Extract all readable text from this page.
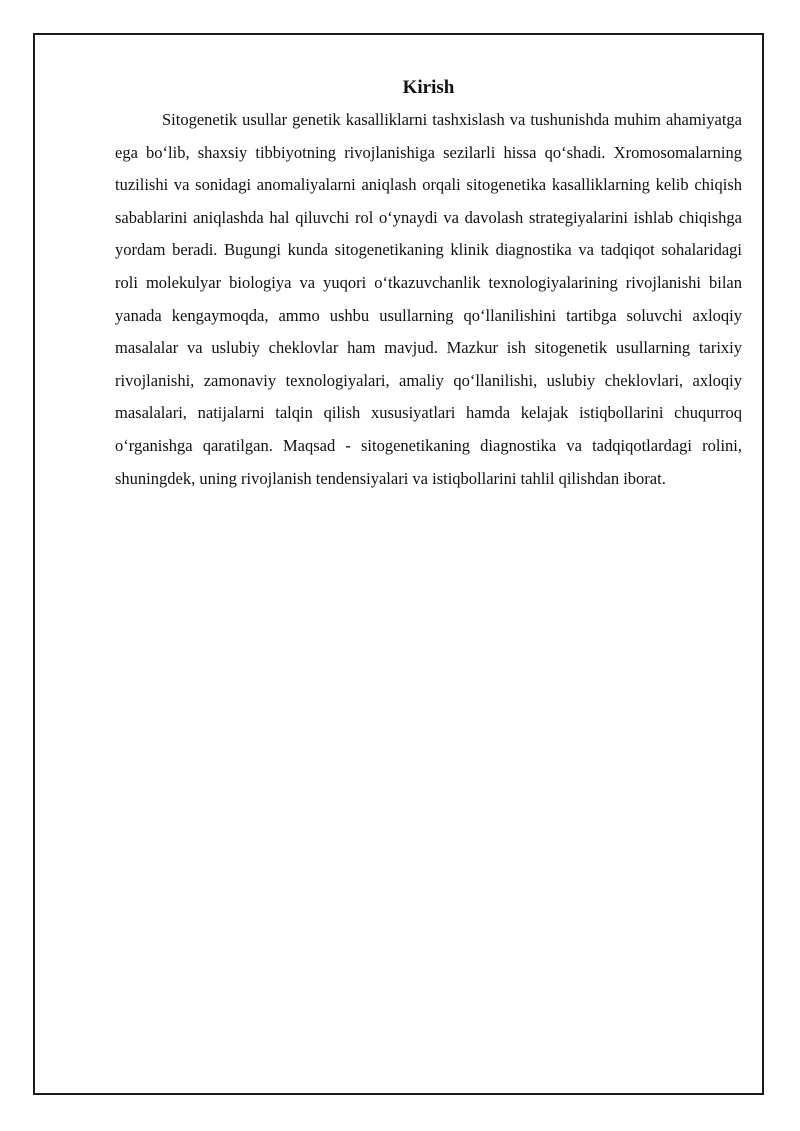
Kirish

Sitogenetik usullar genetik kasalliklarni tashxislash va tushunishda muhim ahamiyatga ega bo‘lib, shaxsiy tibbiyotning rivojlanishiga sezilarli hissa qo‘shadi. Xromosomalarning tuzilishi va sonidagi anomaliyalarni aniqlash orqali sitogenetika kasalliklarning kelib chiqish sabablarini aniqlashda hal qiluvchi rol o‘ynaydi va davolash strategiyalarini ishlab chiqishga yordam beradi. Bugungi kunda sitogenetikaning klinik diagnostika va tadqiqot sohalaridagi roli molekulyar biologiya va yuqori o‘tkazuvchanlik texnologiyalarining rivojlanishi bilan yanada kengaymoqda, ammo ushbu usullarning qo‘llanilishini tartibga soluvchi axloqiy masalalar va uslubiy cheklovlar ham mavjud. Mazkur ish sitogenetik usullarning tarixiy rivojlanishi, zamonaviy texnologiyalari, amaliy qo‘llanilishi, uslubiy cheklovlari, axloqiy masalalari, natijalarni talqin qilish xususiyatlari hamda kelajak istiqbollarini chuqurroq o‘rganishga qaratilgan. Maqsad - sitogenetikaning diagnostika va tadqiqotlardagi rolini, shuningdek, uning rivojlanish tendensiyalari va istiqbollarini tahlil qilishdan iborat.
